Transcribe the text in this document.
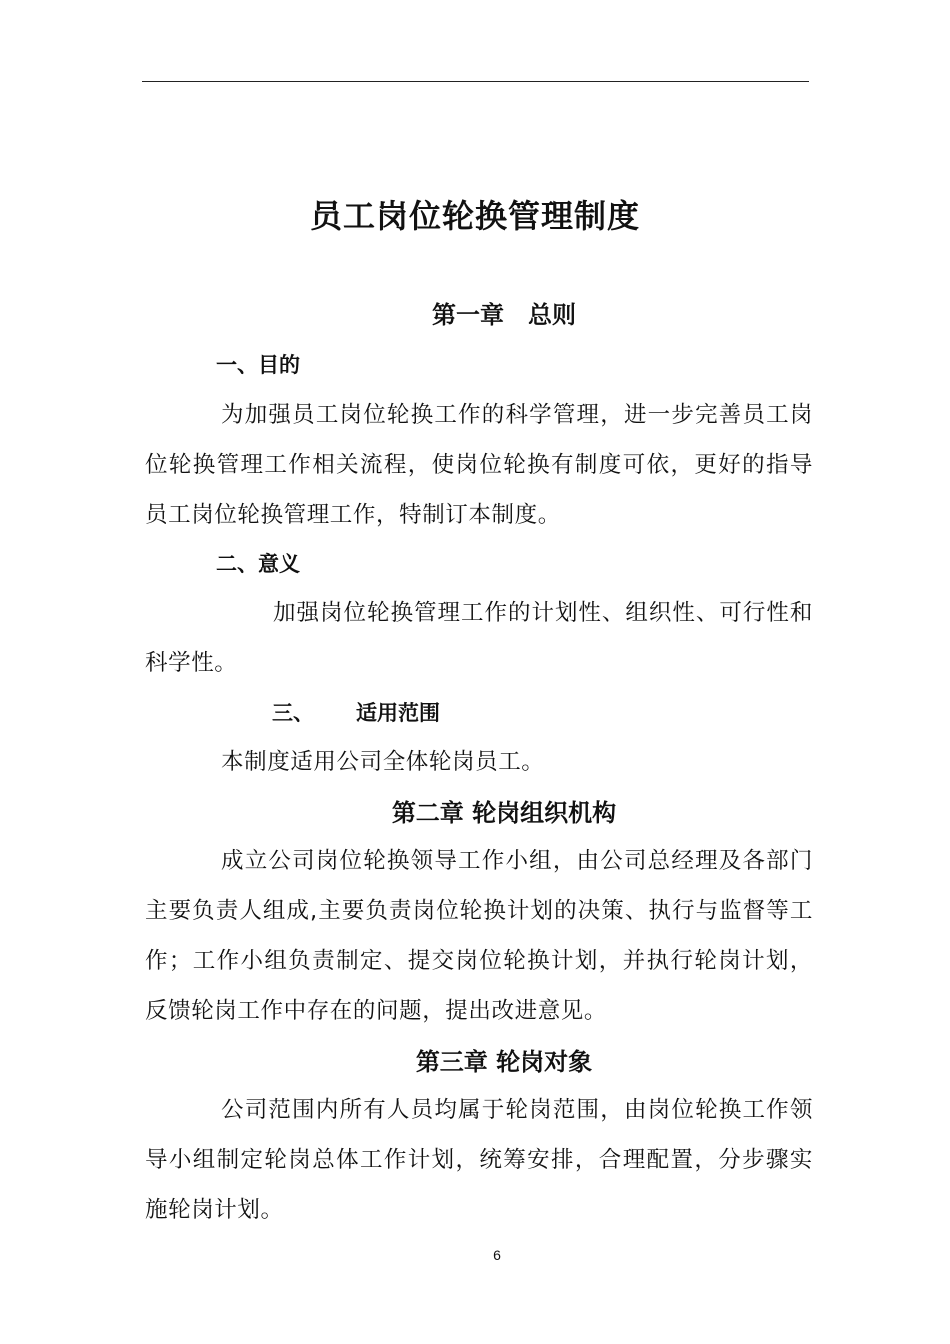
员工岗位轮换管理制度
第一章　总则
一、目的
为加强员工岗位轮换工作的科学管理，进一步完善员工岗位轮换管理工作相关流程，使岗位轮换有制度可依，更好的指导员工岗位轮换管理工作，特制订本制度。
二、意义
加强岗位轮换管理工作的计划性、组织性、可行性和科学性。
三、 适用范围
本制度适用公司全体轮岗员工。
第二章 轮岗组织机构
成立公司岗位轮换领导工作小组，由公司总经理及各部门主要负责人组成,主要负责岗位轮换计划的决策、执行与监督等工作；工作小组负责制定、提交岗位轮换计划，并执行轮岗计划，反馈轮岗工作中存在的问题，提出改进意见。
第三章 轮岗对象
公司范围内所有人员均属于轮岗范围，由岗位轮换工作领导小组制定轮岗总体工作计划，统筹安排，合理配置，分步骤实施轮岗计划。
6
